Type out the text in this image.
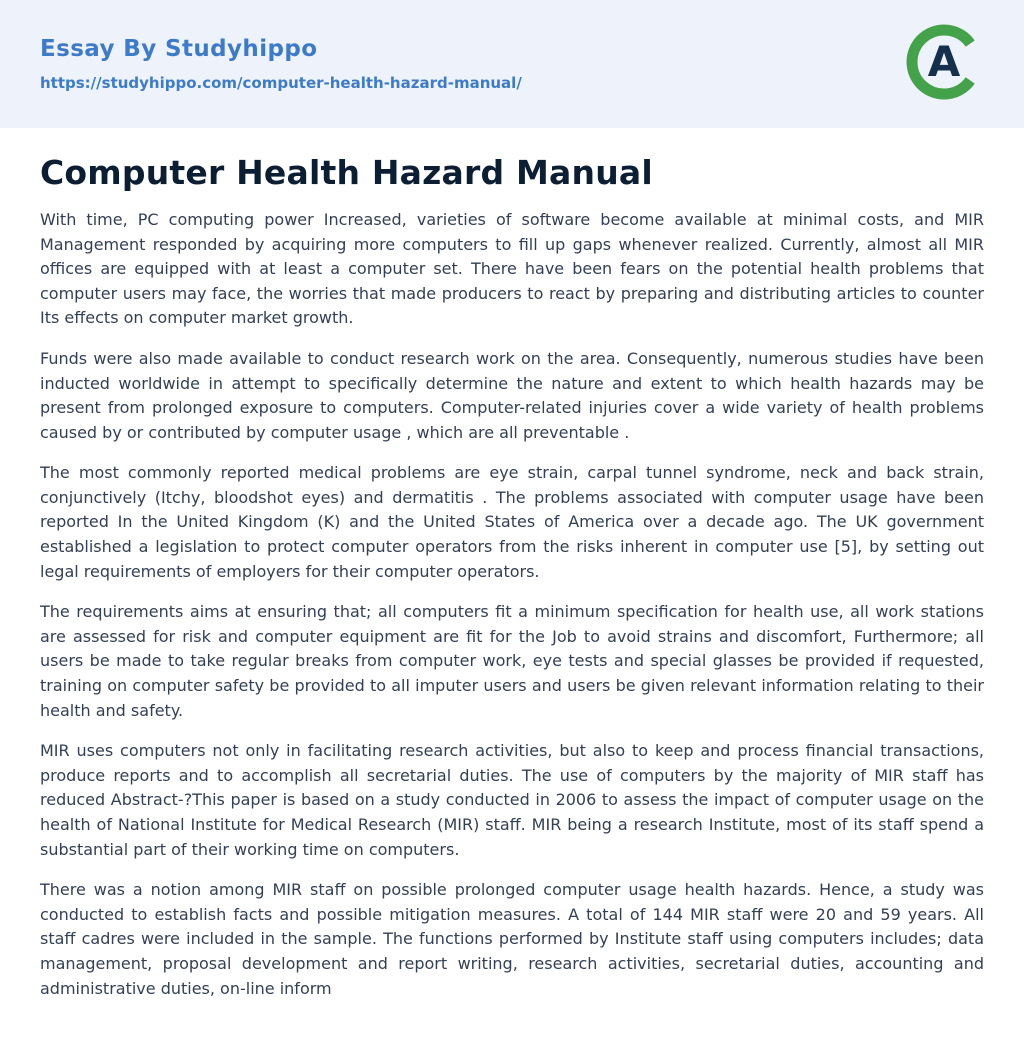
Essay By Studyhippo
https://studyhippo.com/computer-health-hazard-manual/	A
Computer Health Hazard Manual

With time, PC computing power Increased, varieties of software become available at minimal costs, and MIR Management responded by acquiring more computers to fill up gaps whenever realized. Currently, almost all MIR offices are equipped with at least a computer set. There have been fears on the potential health problems that computer users may face, the worries that made producers to react by preparing and distributing articles to counter Its effects on computer market growth.

Funds were also made available to conduct research work on the area. Consequently, numerous studies have been inducted worldwide in attempt to specifically determine the nature and extent to which health hazards may be present from prolonged exposure to computers. Computer-related injuries cover a wide variety of health problems caused by or contributed by computer usage , which are all preventable .

The most commonly reported medical problems are eye strain, carpal tunnel syndrome, neck and back strain, conjunctively (Itchy, bloodshot eyes) and dermatitis . The problems associated with computer usage have been reported In the United Kingdom (K) and the United States of America over a decade ago. The UK government established a legislation to protect computer operators from the risks inherent in computer use [5], by setting out legal requirements of employers for their computer operators.

The requirements aims at ensuring that; all computers fit a minimum specification for health use, all work stations are assessed for risk and computer equipment are fit for the Job to avoid strains and discomfort, Furthermore; all users be made to take regular breaks from computer work, eye tests and special glasses be provided if requested, training on computer safety be provided to all imputer users and users be given relevant information relating to their health and safety.

MIR uses computers not only in facilitating research activities, but also to keep and process financial transactions, produce reports and to accomplish all secretarial duties. The use of computers by the majority of MIR staff has reduced Abstract-?This paper is based on a study conducted in 2006 to assess the impact of computer usage on the health of National Institute for Medical Research (MIR) staff. MIR being a research Institute, most of its staff spend a substantial part of their working time on computers.

There was a notion among MIR staff on possible prolonged computer usage health hazards. Hence, a study was conducted to establish facts and possible mitigation measures. A total of 144 MIR staff were 20 and 59 years. All staff cadres were included in the sample. The functions performed by Institute staff using computers includes; data management, proposal development and report writing, research activities, secretarial duties, accounting and administrative duties, on-line inform
